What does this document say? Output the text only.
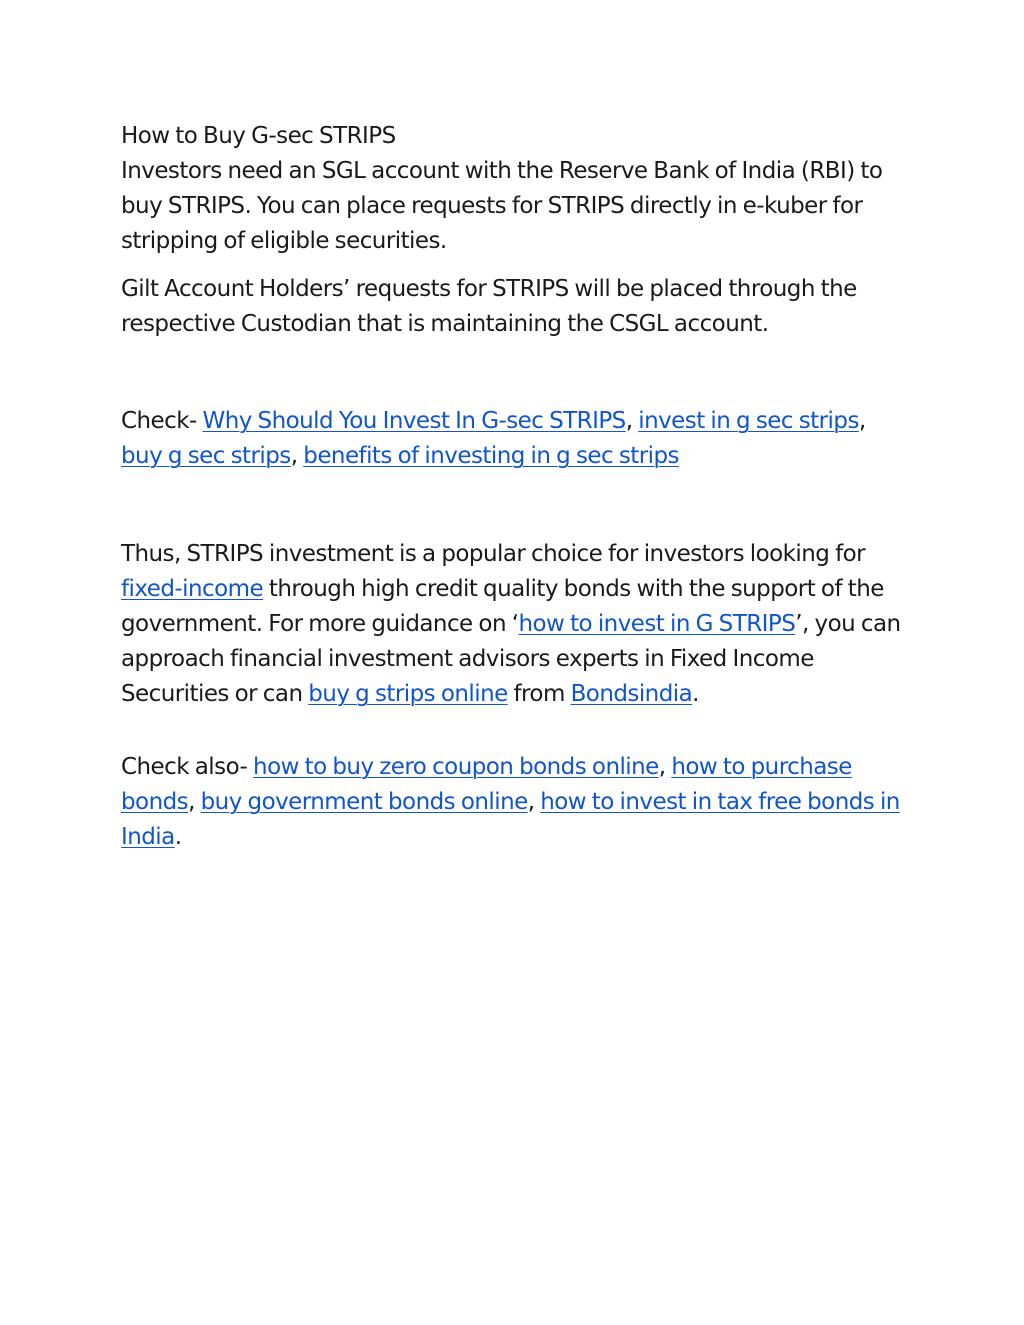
How to Buy G-sec STRIPS

Investors need an SGL account with the Reserve Bank of India (RBI) to buy STRIPS. You can place requests for STRIPS directly in e-kuber for stripping of eligible securities.

Gilt Account Holders’ requests for STRIPS will be placed through the respective Custodian that is maintaining the CSGL account.

Check- Why Should You Invest In G-sec STRIPS, invest in g sec strips, buy g sec strips, benefits of investing in g sec strips

Thus, STRIPS investment is a popular choice for investors looking for fixed-income through high credit quality bonds with the support of the government. For more guidance on ‘how to invest in G STRIPS’, you can approach financial investment advisors experts in Fixed Income Securities or can buy g strips online from Bondsindia.

Check also- how to buy zero coupon bonds online, how to purchase bonds, buy government bonds online, how to invest in tax free bonds in India.
